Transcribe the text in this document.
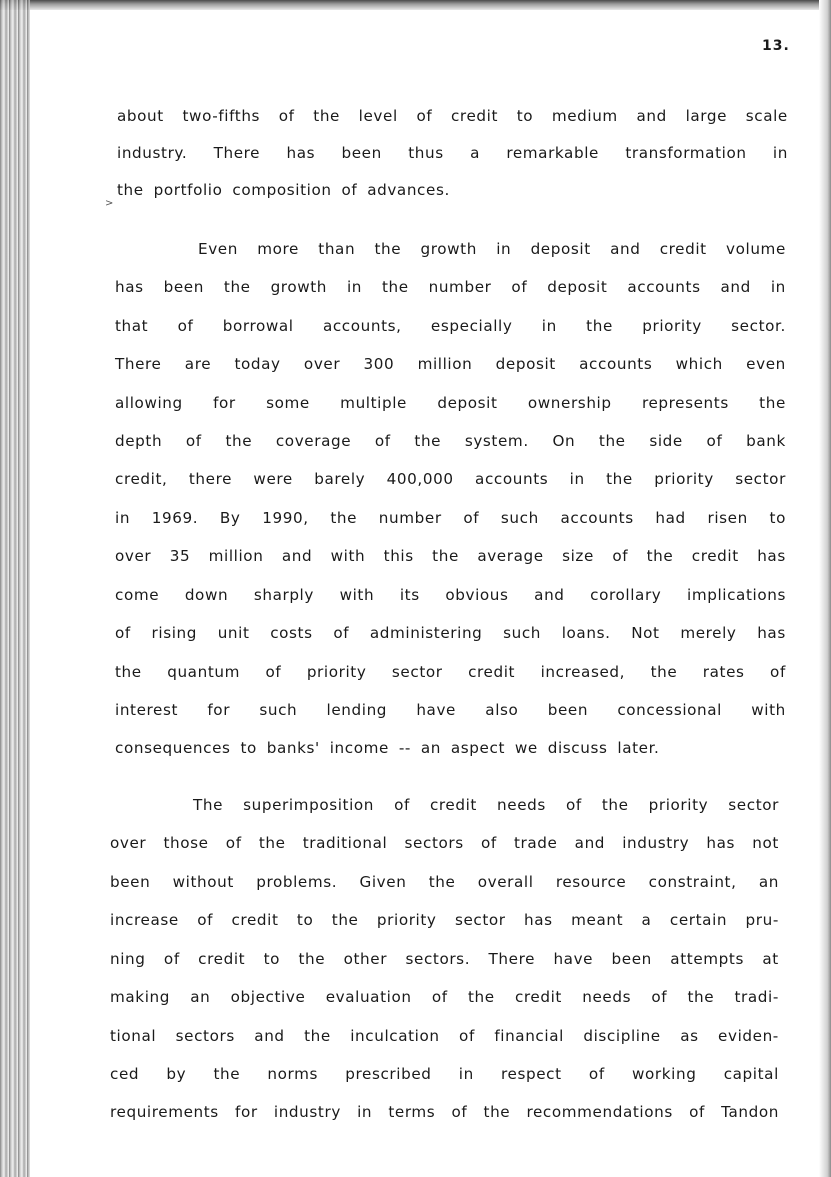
13.
>

about two-fifths of the level of credit to medium and large scale

industry. There has been thus a remarkable transformation in

the portfolio composition of advances.

Even more than the growth in deposit and credit volume

has been the growth in the number of deposit accounts and in

that of borrowal accounts, especially in the priority sector.

There are today over 300 million deposit accounts which even

allowing for some multiple deposit ownership represents the

depth of the coverage of the system. On the side of bank

credit, there were barely 400,000 accounts in the priority sector

in 1969. By 1990, the number of such accounts had risen to

over 35 million and with this the average size of the credit has

come down sharply with its obvious and corollary implications

of rising unit costs of administering such loans. Not merely has

the quantum of priority sector credit increased, the rates of

interest for such lending have also been concessional with

consequences to banks' income -- an aspect we discuss later.

The superimposition of credit needs of the priority sector

over those of the traditional sectors of trade and industry has not

been without problems. Given the overall resource constraint, an

increase of credit to the priority sector has meant a certain pru-

ning of credit to the other sectors. There have been attempts at

making an objective evaluation of the credit needs of the tradi-

tional sectors and the inculcation of financial discipline as eviden-

ced by the norms prescribed in respect of working capital

requirements for industry in terms of the recommendations of Tandon
